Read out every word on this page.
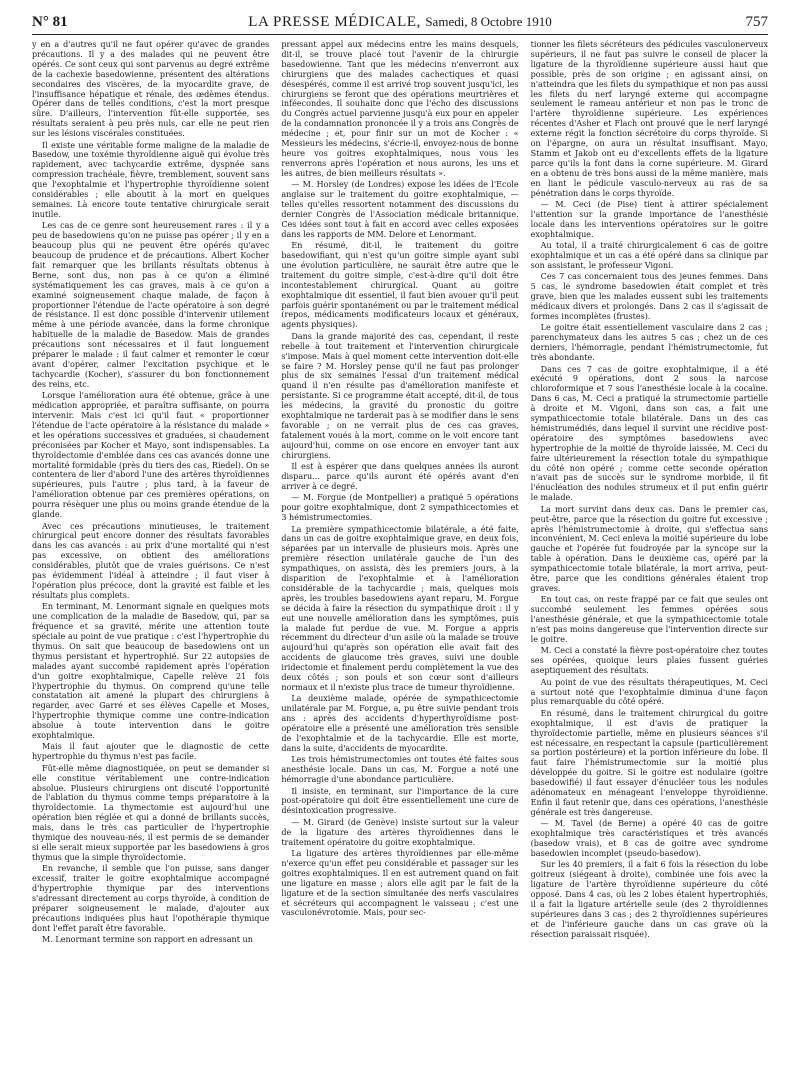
N° 81	LA PRESSE MÉDICALE, Samedi, 8 Octobre 1910	757

y en a d'autres qu'il ne faut opérer qu'avec de grandes précautions. Il y a des malades qui ne peuvent être opérés. Ce sont ceux qui sont parvenus au degré extrême de la cachexie basedowienne, présentent des altérations secondaires des viscères, de la myocardite grave, de l'insuffisance hépatique et rénale, des œdèmes étendus. Opérer dans de telles conditions, c'est la mort presque sûre. D'ailleurs, l'intervention fût-elle supportée, ses résultats seraient à peu près nuls, car elle ne peut rien sur les lésions viscérales constituées.

Il existe une véritable forme maligne de la maladie de Basedow, une toxémie thyroïdienne aiguë qui évolue très rapidement, avec tachycardie extrême, dyspnée sans compression trachéale, fièvre, tremblement, souvent sans que l'exophtalmie et l'hypertrophie thyroïdienne soient considérables ; elle aboutit à la mort en quelques semaines. Là encore toute tentative chirurgicale serait inutile.

Les cas de ce genre sont heureusement rares : il y a peu de basedowiens qu'on ne puisse pas opérer ; il y en a beaucoup plus qui ne peuvent être opérés qu'avec beaucoup de prudence et de précautions. Albert Kocher fait remarquer que les brillants résultats obtenus à Berne, sont dus, non pas à ce qu'on a éliminé systématiquement les cas graves, mais à ce qu'on a examiné soigneusement chaque malade, de façon à proportionner l'étendue de l'acte opératoire à son degré de résistance. Il est donc possible d'intervenir utilement même à une période avancée, dans la forme chronique habituelle de la maladie de Basedow. Mais de grandes précautions sont nécessaires et il faut longuement préparer le malade : il faut calmer et remonter le cœur avant d'opérer, calmer l'excitation psychique et le tachycardie (Kocher), s'assurer du bon fonctionnement des reins, etc.

Lorsque l'amélioration aura été obtenue, grâce à une médication appropriée, et paraîtra suffisante, on pourra intervenir. Mais c'est ici qu'il faut « proportionner l'étendue de l'acte opératoire à la résistance du malade » et les opérations successives et graduées, si chaudement préconisées par Kocher et Mayo, sont indispensables. La thyroïdectomie d'emblée dans ces cas avancés donne une mortalité formidable (près du tiers des cas, Riedel). On se contentera de lier d'abord l'une des artères thyroïdiennes supérieures, puis l'autre ; plus tard, à la faveur de l'amélioration obtenue par ces premières opérations, on pourra résèquer une plus ou moins grande étendue de la glande.

Avec ces précautions minutieuses, le traitement chirurgical peut encore donner des résultats favorables dans les cas avancés : au prix d'une mortalité qui n'est pas excessive, on obtient des améliorations considérables, plutôt que de vraies guérisons. Ce n'est pas évidemment l'idéal à atteindre ; il faut viser à l'opération plus précoce, dont la gravité est faible et les résultats plus complets.

En terminant, M. Lenormant signale en quelques mots une complication de la maladie de Basedow, qui, par sa fréquence et sa gravité, mérite une attention toute spéciale au point de vue pratique : c'est l'hypertrophie du thymus. On sait que beaucoup de basedowiens ont un thymus persistant et hypertrophié. Sur 22 autopsies de malades ayant succombé rapidement après l'opération d'un goitre exophtalmique, Capelle relève 21 fois l'hypertrophie du thymus. On comprend qu'une telle constatation ait amené la plupart des chirurgiens à regarder, avec Garré et ses élèves Capelle et Moses, l'hypertrophie thymique comme une contre-indication absolue à toute intervention dans le goitre exophtalmique.

Mais il faut ajouter que le diagnostic de cette hypertrophie du thymus n'est pas facile.

Fût-elle même diagnostiquée, on peut se demander si elle constitue véritablement une contre-indication absolue. Plusieurs chirurgiens ont discuté l'opportunité de l'ablation du thymus comme temps préparatoire à la thyroïdectomie. La thymectomie est aujourd'hui une opération bien réglée et qui a donné de brillants succès, mais, dans le très cas particulier de l'hypertrophie thymique des nouveau-nés, il est permis de se demander si elle serait mieux supportée par les basedowiens à gros thymus que la simple thyroïdectomie.

En revanche, il semble que l'on puisse, sans danger excessif, traiter le goitre exophtalmique accompagné d'hypertrophie thymique par des interventions s'adressant directement au corps thyroïde, à condition de préparer soigneusement le malade, d'ajouter aux précautions indiquées plus haut l'opothérapie thymique dont l'effet paraît être favorable.

M. Lenormant termine son rapport en adressant un

pressant appel aux médecins entre les mains desquels, dit-il, se trouve placé tout l'avenir de la chirurgie basedowienne. Tant que les médecins n'enverront aux chirurgiens que des malades cachectiques et quasi désespérés, comme il est arrivé trop souvent jusqu'ici, les chirurgiens se feront que des opérations meurtrières et inféecondes. Il souhaite donc que l'écho des discussions du Congrès actuel parvienne jusqu'à eux pour en appeler de la condamnation prononcée il y a trois ans Congrès de médecine ; et, pour finir sur un mot de Kocher : « Messieurs les médecins, s'écrie-il, envoyez-nous de bonne heure vos goitres exophtalmiques, nous vous les renverrons après l'opération et nous aurons, les uns et les autres, de bien meilleurs résultats ».

— M. Horsley (de Londres) expose les idées de l'Ecole anglaise sur le traitement du goitre exophtalmique, — telles qu'elles ressortent notamment des discussions du dernier Congrès de l'Association médicale britannique. Ces idées sont tout à fait en accord avec celles exposées dans les rapports de MM. Delore et Lenormant.

En résumé, dit-il, le traitement du goitre basedowifiant, qui n'est qu'un goitre simple ayant subi une évolution particulière, ne saurait être autre que le traitement du goitre simple, c'est-à-dire qu'il doit être incontestablement chirurgical. Quant au goitre exophtalmique dit essentiel, il faut bien avouer qu'il peut parfois guérir spontanément ou par le traitement médical (repos, médicaments modificateurs locaux et généraux, agents physiques).

Dans la grande majorité des cas, cependant, il reste rebelle à tout traitement et l'intervention chirurgicale s'impose. Mais à quel moment cette intervention doit-elle se faire ? M. Horsley pense qu'il ne faut pas prolonger plus de six semaines l'essai d'un traitement médical quand il n'en résulte pas d'amélioration manifeste et persistante. Si ce programme était accepté, dit-il, de tous les médecins, la gravité du pronostic du goitre exophtalmique ne tarderait pas à se modifier dans le sens favorable ; on ne verrait plus de ces cas graves, fatalement voués à la mort, comme on le voit encore tant aujourd'hui, comme on ose encore en envoyer tant aux chirurgiens.

Il est à espérer que dans quelques années ils auront disparu... parce qu'ils auront été opérés avant d'en arriver à ce degré.

— M. Forgue (de Montpellier) a pratiqué 5 opérations pour goitre exophtalmique, dont 2 sympathicectomies et 3 hémistrumectomies.

La première sympathicectomie bilatérale, a été faite, dans un cas de goitre exophtalmique grave, en deux fois, séparées par un intervalle de plusieurs mois. Après une première résection unilatérale gauche de l'un des sympathiques, on assista, dès les premiers jours, à la disparition de l'exophtalmie et à l'amélioration considérable de la tachycardie ; mais, quelques mois après, les troubles basedowiens ayant reparu, M. Forgue se décida à faire la résection du sympathique droit : il y eut une nouvelle amélioration dans les symptômes, puis la malade fut perdue de vue. M. Forgue a appris récemment du directeur d'un asile où la malade se trouve aujourd'hui qu'après son opération elle avait fait des accidents de glaucome très graves, suivi une double iridectomie et finalement perdu complètement la vue des deux côtés ; son pouls et son cœur sont d'ailleurs normaux et il n'existe plus trace de tumeur thyroïdienne.

La deuxième malade, opérée de sympathicectomie unilatérale par M. Forgue, a, pu être suivie pendant trois ans : après des accidents d'hyperthyroïdisme post-opératoire elle a présenté une amélioration très sensible de l'exophtalmie et de la tachycardie. Elle est morte, dans la suite, d'accidents de myocardite.

Les trois hémistrumectomies ont toutes été faites sous anesthésie locale. Dans un cas, M. Forgue a noté une hémorragie d'une abondance particulière.

Il insiste, en terminant, sur l'importance de la cure post-opératoire qui doit être essentiellement une cure de désintoxication progressive.

— M. Girard (de Genève) insiste surtout sur la valeur de la ligature des artères thyroïdiennes dans le traitement opératoire du goitre exophtalmique.

La ligature des artères thyroïdiennes par elle-même n'exerce qu'un effet peu considérable et passager sur les goitres exophtalmiques. Il en est autrement quand on fait une ligature en masse ; alors elle agit par le fait de la ligature et de la section simultanée des nerfs vasculaires et sécréteurs qui accompagnent le vaisseau ; c'est une vasculonévrotomie. Mais, pour sec-

tionner les filets sécréteurs des pédicules vasculonerveux supérieurs, il ne faut pas suivre le conseil de placer la ligature de la thyroïdienne supérieure aussi haut que possible, près de son origine ; en agissant ainsi, on n'atteindra que les filets du sympathique et non pas aussi les filets du nerf laryngé externe qui accompagne seulement le rameau antérieur et non pas le tronc de l'artère thyroïdienne supérieure. Les expériences récentes d'Asher et Flach ont prouvé que le nerf laryngé externe régit la fonction sécrétoire du corps thyroïde. Si on l'épargne, on aura un résultat insuffisant. Mayo, Stamm et Jakob ont eu d'excellents effets de la ligature parce qu'ils la font dans la corne supérieure. M. Girard en a obtenu de très bons aussi de la même manière, mais en liant le pédicule vasculo-nerveux au ras de sa pénétration dans le corps thyroïde.

— M. Ceci (de Pise) tient à attirer spécialement l'attention sur la grande importance de l'anesthésie locale dans les interventions opératoires sur le goitre exophtalmique.

Au total, il a traité chirurgicalement 6 cas de goitre exophtalmique et un cas a été opéré dans sa clinique par son assistant, le professeur Vigoni.

Ces 7 cas concernaient tous des jeunes femmes. Dans 5 cas, le syndrome basedowien était complet et très grave, bien que les malades eussent subi les traitements médicaux divers et prolongés. Dans 2 cas il s'agissait de formes incomplètes (frustes).

Le goitre était essentiellement vasculaire dans 2 cas ; parenchymateux dans les autres 5 cas ; chez un de ces derniers, l'hémorragie, pendant l'hémistrumectomie, fut très abondante.

Dans ces 7 cas de goitre exophtalmique, il a été exécuté 9 opérations, dont 2 sous la narcose chloroformique et 7 sous l'anesthésie locale à la cocaïne. Dans 6 cas, M. Ceci a pratiqué la strumectomie partielle à droite et M. Vigoni, dans son cas, a fait une sympathicectomie totale bilatérale. Dans un des cas hémistrumédiés, dans lequel il survint une récidive post-opératoire des symptômes basedowiens avec hypertrophie de la moitié de thyroïde laissée, M. Ceci du faire ultérieurement la résection totale du sympathique du côté non opéré ; comme cette seconde opération n'avait pas de succès sur le syndrome morbide, il fit l'énucléation des nodules strumeux et il put enfin guérir le malade.

La mort survint dans deux cas. Dans le premier cas, peut-être, parce que la résection du goitre fut excessive ; après l'hémistrumectomie à droite, qui s'effectua sans inconvénient, M. Ceci enleva la moitié supérieure du lobe gauche et l'opérée fut foudroyée par la syncope sur la table à opération. Dans le deuxième cas, opéré par la sympathicectomie totale bilatérale, la mort arriva, peut-être, parce que les conditions générales étaient trop graves.

En tout cas, on reste frappé par ce fait que seules ont succombé seulement les femmes opérées sous l'anesthésie générale, et que la sympathicectomie totale n'est pas moins dangereuse que l'intervention directe sur le goitre.

M. Ceci a constaté la fièvre post-opératoire chez toutes ses opérées, quoique leurs plaies fussent guéries aseptiquement des résultats.

Au point de vue des résultats thérapeutiques, M. Ceci a surtout noté que l'exophtalmie diminua d'une façon plus remarquable du côté opéré.

En résumé, dans le traitement chirurgical du goitre exophtalmique, il est d'avis de pratiquer la thyroïdectomie partielle, même en plusieurs séances s'il est nécessaire, en respectant la capsule (particulièrement sa portion postérieure) et la portion inférieure du lobe. Il faut faire l'hémistrumectomie sur la moitié plus développée du goitre. Si le goitre est nodulaire (goitre basedowifié) il faut essayer d'énucléer tous les nodules adénomateux en ménageant l'enveloppe thyroïdienne. Enfin il faut retenir que, dans ces opérations, l'anesthésie générale est très dangereuse.

— M. Tavel (de Berne) a opéré 40 cas de goitre exophtalmique très caractéristiques et très avancés (basedow vrais), et 8 cas de goitre avec syndrome basedowien incomplet (pseudo-basedow).

Sur les 40 premiers, il a fait 6 fois la résection du lobe goitreux (siégeant à droite), combinée une fois avec la ligature de l'artère thyroïdienne supérieure du côté opposé. Dans 4 cas, où les 2 lobes étaient hypertrophiés, il a fait la ligature artérielle seule (des 2 thyroïdiennes supérieures dans 3 cas ; des 2 thyroïdiennes supérieures et de l'inférieure gauche dans un cas grave où la résection paraissait risquée).
